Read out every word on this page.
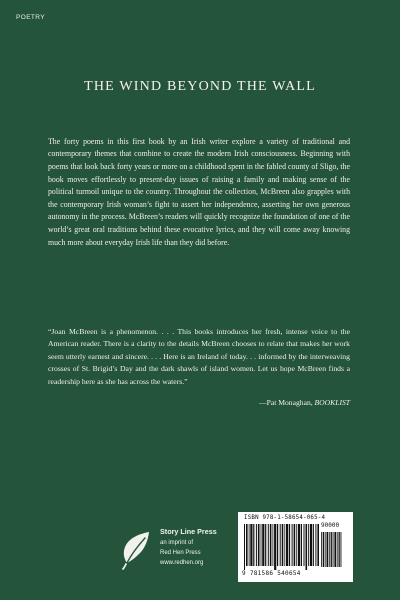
POETRY
THE WIND BEYOND THE WALL

The forty poems in this first book by an Irish writer explore a variety of traditional and contemporary themes that combine to create the modern Irish consciousness. Beginning with poems that look back forty years or more on a childhood spent in the fabled county of Sligo, the book moves effortlessly to present-day issues of raising a family and making sense of the political turmoil unique to the country. Throughout the collection, McBreen also grapples with the contemporary Irish woman’s fight to assert her independence, asserting her own generous autonomy in the process. McBreen’s readers will quickly recognize the foundation of one of the world’s great oral traditions behind these evocative lyrics, and they will come away knowing much more about everyday Irish life than they did before.

“Joan McBreen is a phenomenon. . . . This books introduces her fresh, intense voice to the American reader. There is a clarity to the details McBreen chooses to relate that makes her work seem utterly earnest and sincere. . . . Here is an Ireland of today. . . informed by the interweaving crosses of St. Brigid’s Day and the dark shawls of island women. Let us hope McBreen finds a readership here as she has across the waters.”

—Pat Monaghan, BOOKLIST
Story Line Press
an imprint of
Red Hen Press
www.redhen.org
ISBN 978-1-58654-065-4
90000
9 781586 540654
